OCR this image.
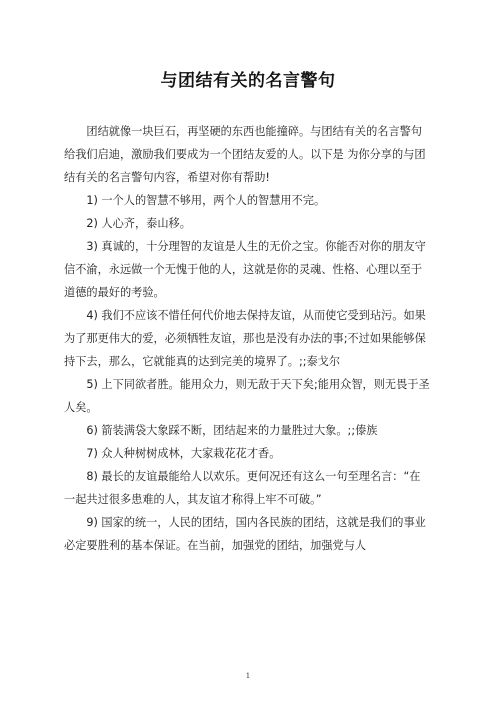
与团结有关的名言警句

团结就像一块巨石，再坚硬的东西也能撞碎。与团结有关的名言警句给我们启迪，激励我们要成为一个团结友爱的人。以下是 为你分享的与团结有关的名言警句内容，希望对你有帮助!

1) 一个人的智慧不够用，两个人的智慧用不完。

2) 人心齐，泰山移。

3) 真诚的，十分理智的友谊是人生的无价之宝。你能否对你的朋友守信不渝，永远做一个无愧于他的人，这就是你的灵魂、性格、心理以至于道德的最好的考验。

4) 我们不应该不惜任何代价地去保持友谊，从而使它受到玷污。如果为了那更伟大的爱，必须牺牲友谊，那也是没有办法的事;不过如果能够保持下去，那么，它就能真的达到完美的境界了。;;泰戈尔

5) 上下同欲者胜。能用众力，则无敌于天下矣;能用众智，则无畏于圣人矣。

6) 箭装满袋大象踩不断，团结起来的力量胜过大象。;;傣族

7) 众人种树树成林，大家栽花花才香。

8) 最长的友谊最能给人以欢乐。更何况还有这么一句至理名言：“在一起共过很多患难的人，其友谊才称得上牢不可破。”

9) 国家的统一，人民的团结，国内各民族的团结，这就是我们的事业必定要胜利的基本保证。在当前，加强党的团结，加强党与人

1
